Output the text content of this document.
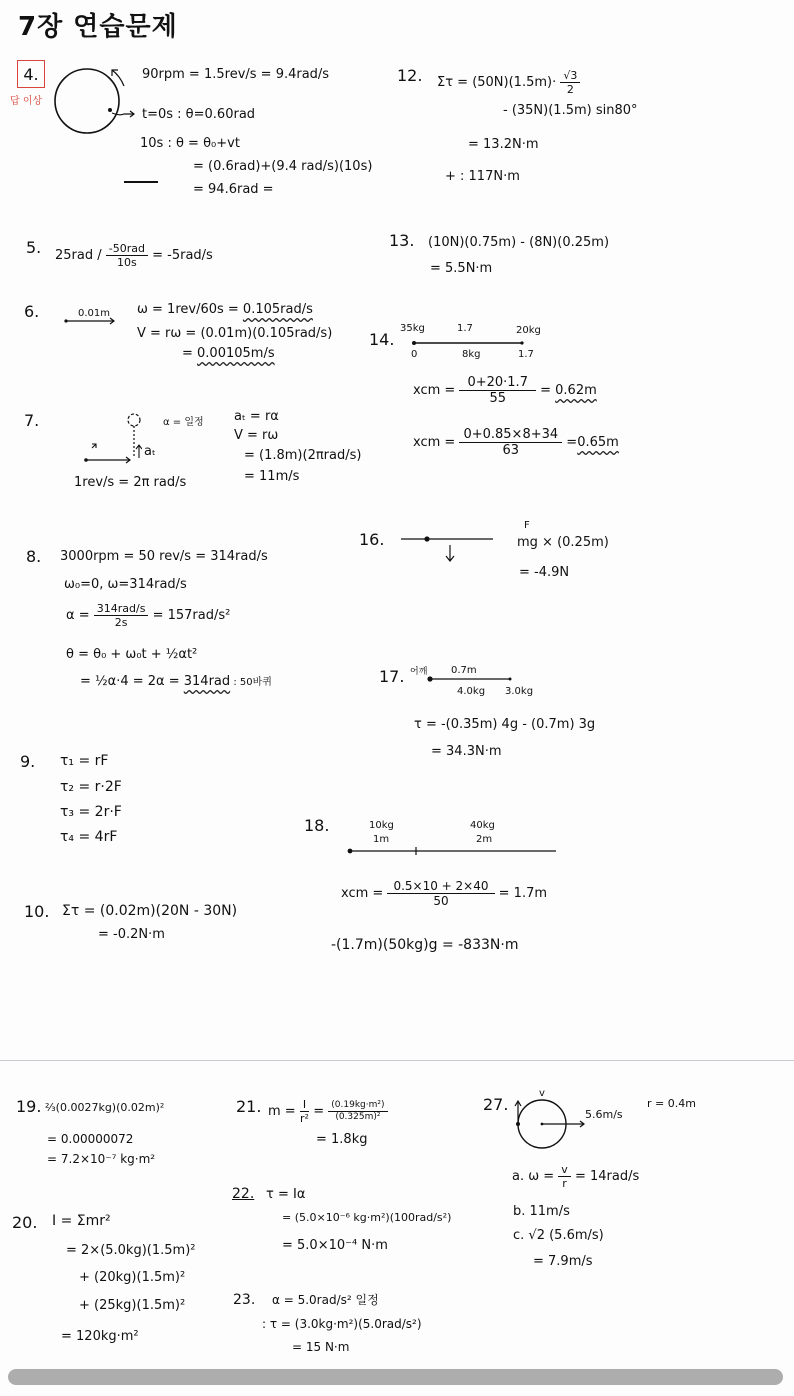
7장 연습문제
4.
답 이상
90rpm = 1.5rev/s = 9.4rad/s
t=0s : θ=0.60rad
10s : θ = θ₀+vt
= (0.6rad)+(9.4 rad/s)(10s)
= 94.6rad =
12. $\Sigma\tau = (50N)(1.5m)\cdot \frac{√3}{2}$
- (35N)(1.5m) sin80°
= 13.2N·m
+ : 117N·m
5. $25rad / \frac{\text{-50rad}}{10s} = -5rad/s$
13. (10N)(0.75m) - (8N)(0.25m)
= 5.5N·m
6.	0.01m ω = 1rev/60s = 0.105rad/s
V = rω = (0.01m)(0.105rad/s)
= 0.00105m/s
14.
35kg	1.7	20kg
0	8kg	1.7
xcm = $\frac{0+20\cdot 1.7}{55} = 0.62m$
xcm = $\frac{0+0.85\times 8+34}{63} =0.65m$
7.	α = 일정
aₜ
1rev/s = 2π rad/s
aₜ = rα
V = rω
= (1.8m)(2πrad/s)
= 11m/s
16.
F
mg × (0.25m)
= -4.9N
8. 3000rpm = 50 rev/s = 314rad/s
ω₀=0, ω=314rad/s
$\alpha = \frac{\text{314rad/s}}{2s} = 157rad/s^2$
θ = θ₀ + ω₀t + ½αt²
= ½α·4 = 2α = 314rad : 50바퀴	17. 어깨 0.7m
4.0kg 3.0kg
τ = -(0.35m) 4g - (0.7m) 3g
= 34.3N·m
9. τ₁ = rF
τ₂ = r·2F
τ₃ = 2r·F
τ₄ = 4rF
18.	10kg
1m
40kg
2m
xcm = $\frac{0.5\times 10 + 2\times 40}{50} = 1.7m$
-(1.7m)(50kg)g = -833N·m
10. Στ = (0.02m)(20N - 30N)
= -0.2N·m
19. ⅔(0.0027kg)(0.02m)²
= 0.00000072
= 7.2×10⁻⁷ kg·m²
21. $m = \frac{I}{\text{r²}} = \frac{\text{(0.19kg·m²)}}{\text{(0.325m)²}}$
= 1.8kg
27.
v
5.6m/s
r = 0.4m
a. $\omega = \frac{v}{r} = 14rad/s$
b. 11m/s
c. √2 (5.6m/s)
= 7.9m/s
22. τ = Iα
= (5.0×10⁻⁶ kg·m²)(100rad/s²)
= 5.0×10⁻⁴ N·m
20. I = Σmr²
= 2×(5.0kg)(1.5m)²
+ (20kg)(1.5m)²
+ (25kg)(1.5m)²
= 120kg·m²
23. α = 5.0rad/s² 일정
: τ = (3.0kg·m²)(5.0rad/s²)
= 15 N·m
